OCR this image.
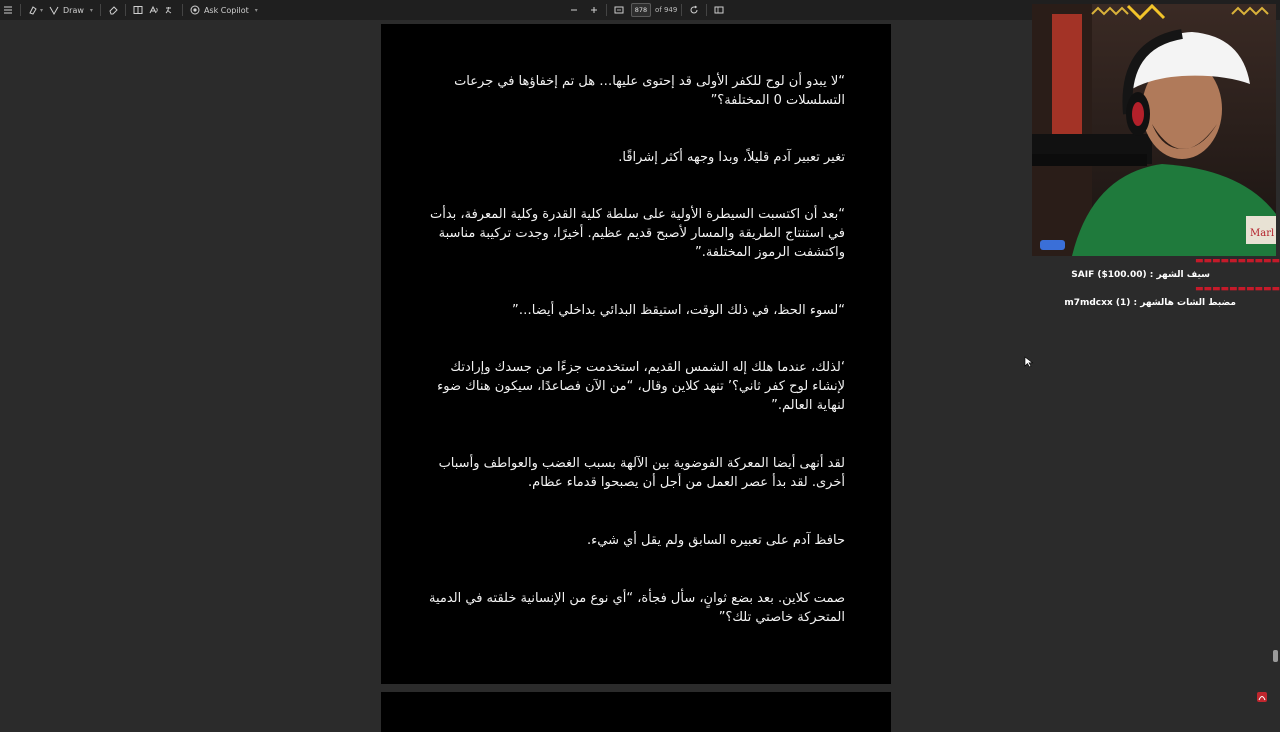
▾	Draw ▾	Ask Copilot ▾	878	of 949
“لا يبدو أن لوح للكفر الأولى قد إحتوى عليها… هل تم إخفاؤها في جرعات التسلسلات 0 المختلفة؟”
تغير تعبير آدم قليلاً، وبدا وجهه أكثر إشراقًا.
“بعد أن اكتسبت السيطرة الأولية على سلطة كلية القدرة وكلية المعرفة، بدأت في استنتاج الطريقة والمسار لأصبح قديم عظيم. أخيرًا، وجدت تركيبة مناسبة واكتشفت الرموز المختلفة.”
“لسوء الحظ، في ذلك الوقت، استيقظ البدائي بداخلي أيضا…”
‘لذلك، عندما هلك إله الشمس القديم، استخدمت جزءًا من جسدك وإرادتك لإنشاء لوح كفر ثاني؟’ تنهد كلاين وقال، “من الآن فصاعدًا، سيكون هناك ضوء لنهاية العالم.”
لقد أنهى أيضا المعركة الفوضوية بين الآلهة بسبب الغضب والعواطف وأسباب أخرى. لقد بدأ عصر العمل من أجل أن يصبحوا قدماء عظام.
حافظ آدم على تعبيره السابق ولم يقل أي شيء.
صمت كلاين. بعد بضع ثوانٍ، سأل فجأة، “أي نوع من الإنسانية خلقته في الدمية المتحركة خاصتي تلك؟”
Marl
▬▬▬▬▬▬▬▬▬▬
سيف الشهر : SAIF ($100.00)
▬▬▬▬▬▬▬▬▬▬
مضبط الشات هالشهر : m7mdcxx (1)
